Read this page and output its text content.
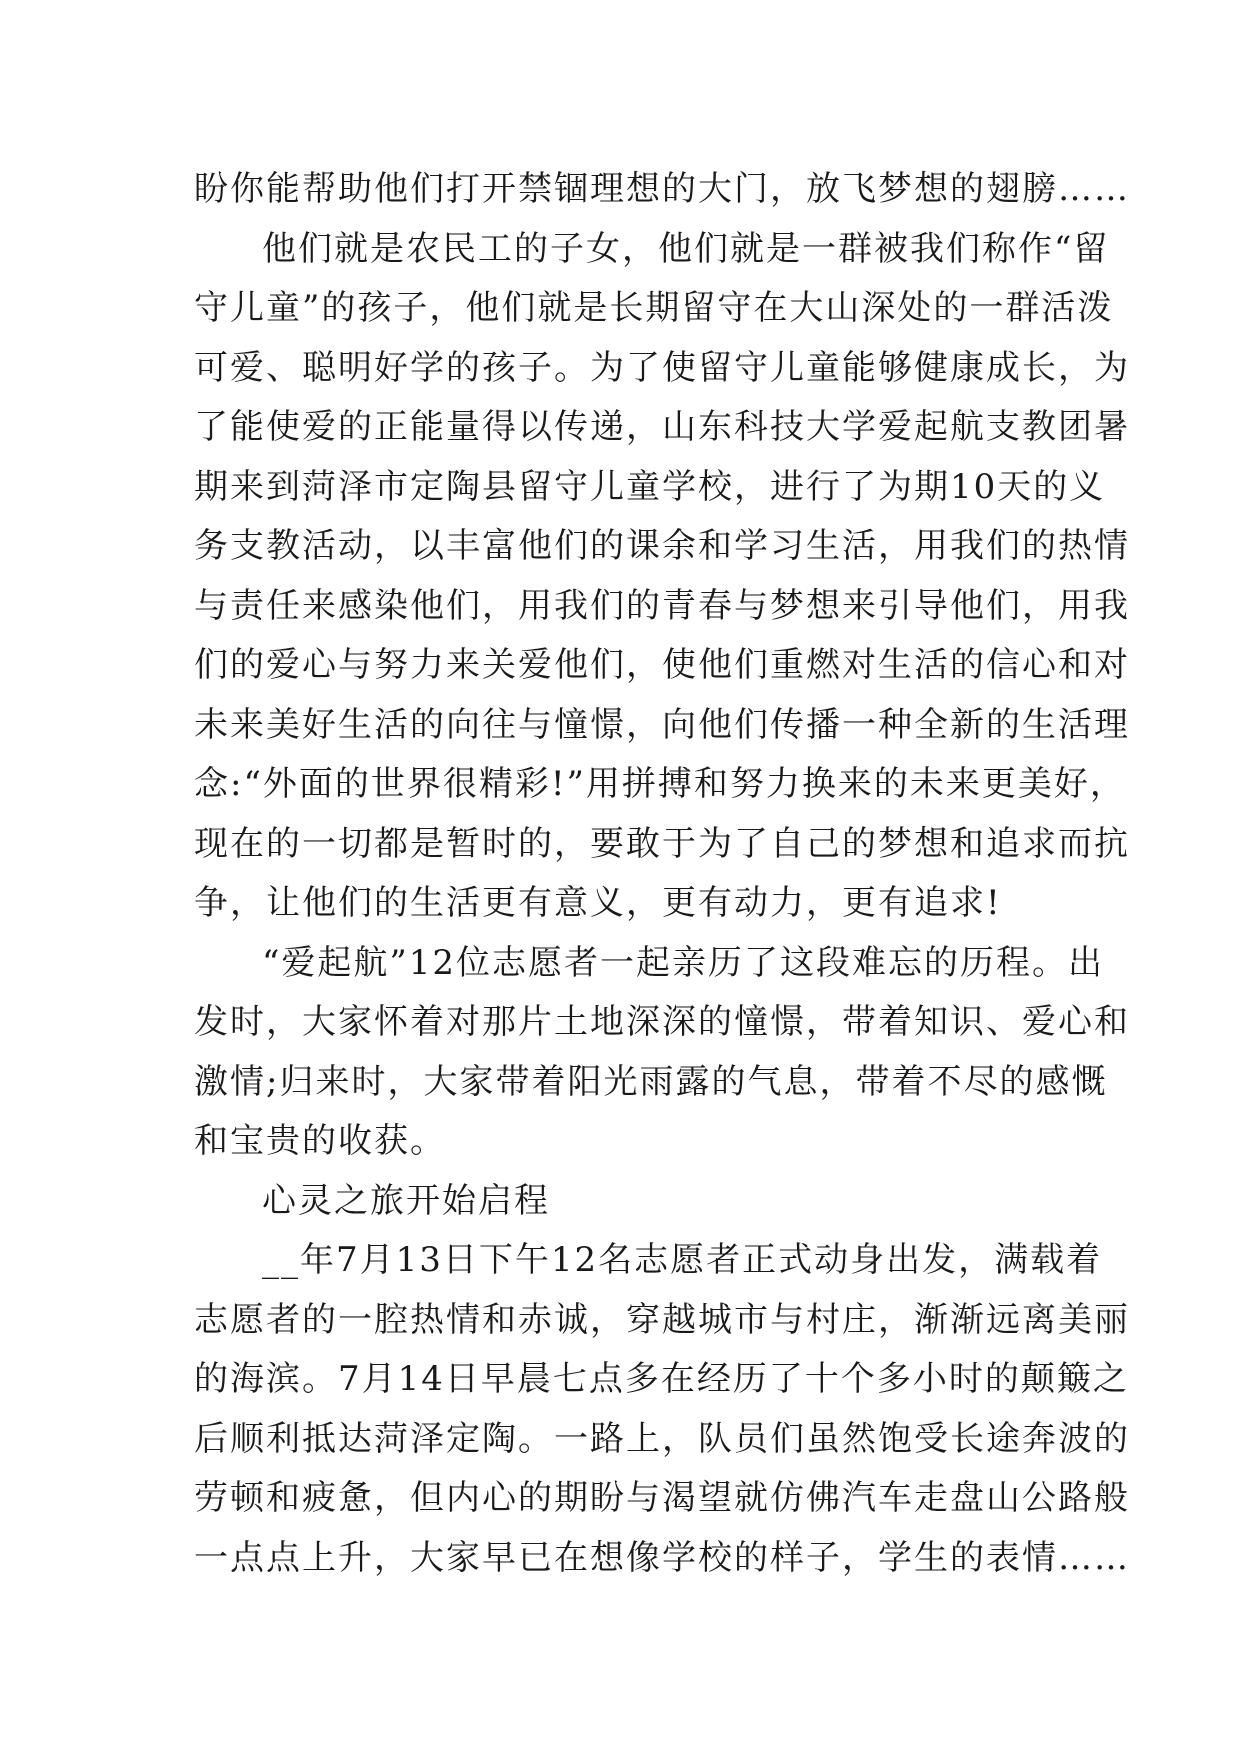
盼你能帮助他们打开禁锢理想的大门，放飞梦想的翅膀……
他们就是农民工的子女，他们就是一群被我们称作“留
守儿童”的孩子，他们就是长期留守在大山深处的一群活泼
可爱、聪明好学的孩子。为了使留守儿童能够健康成长，为
了能使爱的正能量得以传递，山东科技大学爱起航支教团暑
期来到菏泽市定陶县留守儿童学校，进行了为期10天的义
务支教活动，以丰富他们的课余和学习生活，用我们的热情
与责任来感染他们，用我们的青春与梦想来引导他们，用我
们的爱心与努力来关爱他们，使他们重燃对生活的信心和对
未来美好生活的向往与憧憬，向他们传播一种全新的生活理
念:“外面的世界很精彩!”用拼搏和努力换来的未来更美好，
现在的一切都是暂时的，要敢于为了自己的梦想和追求而抗
争，让他们的生活更有意义，更有动力，更有追求!
“爱起航”12位志愿者一起亲历了这段难忘的历程。出
发时，大家怀着对那片土地深深的憧憬，带着知识、爱心和
激情;归来时，大家带着阳光雨露的气息，带着不尽的感慨
和宝贵的收获。
心灵之旅开始启程
__年7月13日下午12名志愿者正式动身出发，满载着
志愿者的一腔热情和赤诚，穿越城市与村庄，渐渐远离美丽
的海滨。7月14日早晨七点多在经历了十个多小时的颠簸之
后顺利抵达菏泽定陶。一路上，队员们虽然饱受长途奔波的
劳顿和疲惫，但内心的期盼与渴望就仿佛汽车走盘山公路般
一点点上升，大家早已在想像学校的样子，学生的表情……
